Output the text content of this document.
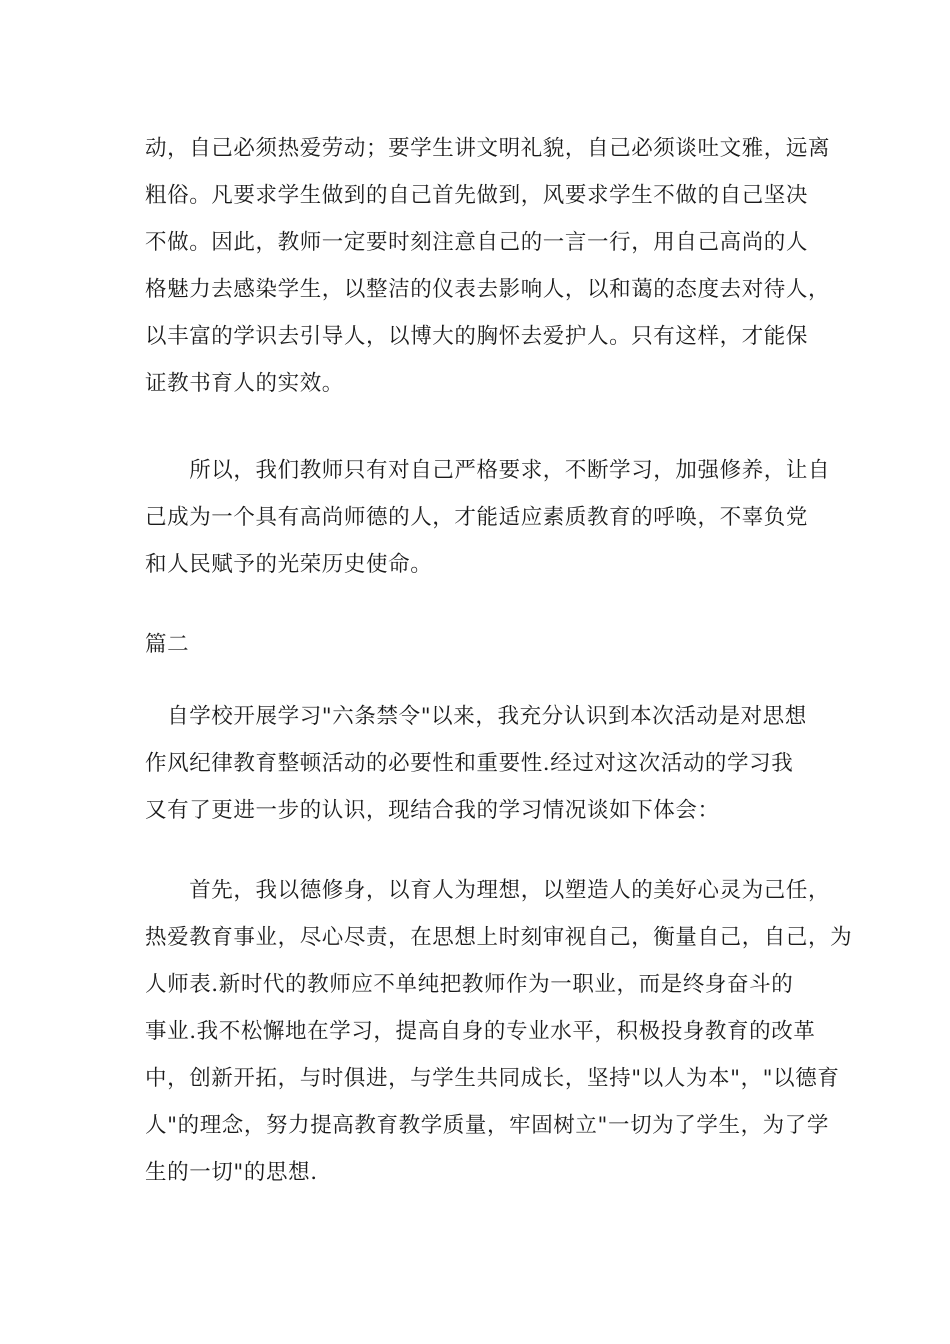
动，自己必须热爱劳动；要学生讲文明礼貌，自己必须谈吐文雅，远离
粗俗。凡要求学生做到的自己首先做到，风要求学生不做的自己坚决
不做。因此，教师一定要时刻注意自己的一言一行，用自己高尚的人
格魅力去感染学生，以整洁的仪表去影响人，以和蔼的态度去对待人，
以丰富的学识去引导人，以博大的胸怀去爱护人。只有这样，才能保
证教书育人的实效。
　　所以，我们教师只有对自己严格要求，不断学习，加强修养，让自
己成为一个具有高尚师德的人，才能适应素质教育的呼唤，不辜负党
和人民赋予的光荣历史使命。
篇二
　自学校开展学习"六条禁令"以来，我充分认识到本次活动是对思想
作风纪律教育整顿活动的必要性和重要性.经过对这次活动的学习我
又有了更进一步的认识，现结合我的学习情况谈如下体会：
　　首先，我以德修身，以育人为理想，以塑造人的美好心灵为己任，
热爱教育事业，尽心尽责，在思想上时刻审视自己，衡量自己，自己，为
人师表.新时代的教师应不单纯把教师作为一职业，而是终身奋斗的
事业.我不松懈地在学习，提高自身的专业水平，积极投身教育的改革
中，创新开拓，与时俱进，与学生共同成长，坚持"以人为本"，"以德育
人"的理念，努力提高教育教学质量，牢固树立"一切为了学生，为了学
生的一切"的思想.
